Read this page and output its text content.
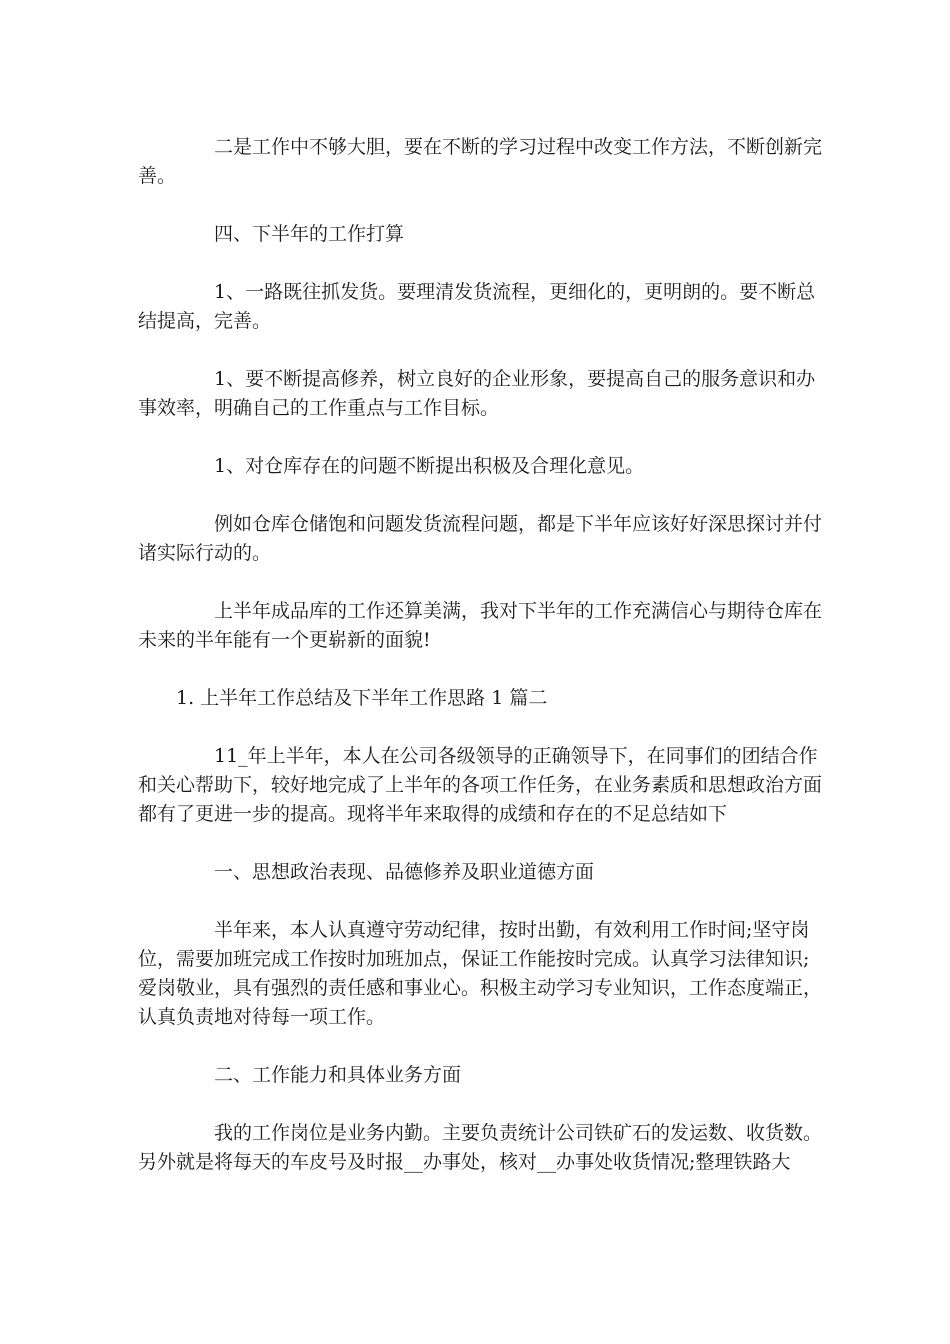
二是工作中不够大胆，要在不断的学习过程中改变工作方法，不断创新完善。

四、下半年的工作打算

1、一路既往抓发货。要理清发货流程，更细化的，更明朗的。要不断总结提高，完善。

1、要不断提高修养，树立良好的企业形象，要提高自己的服务意识和办事效率，明确自己的工作重点与工作目标。

1、对仓库存在的问题不断提出积极及合理化意见。

例如仓库仓储饱和问题发货流程问题，都是下半年应该好好深思探讨并付诸实际行动的。

上半年成品库的工作还算美满，我对下半年的工作充满信心与期待仓库在未来的半年能有一个更崭新的面貌!

1. 上半年工作总结及下半年工作思路 1 篇二

11_年上半年，本人在公司各级领导的正确领导下，在同事们的团结合作和关心帮助下，较好地完成了上半年的各项工作任务，在业务素质和思想政治方面都有了更进一步的提高。现将半年来取得的成绩和存在的不足总结如下

一、思想政治表现、品德修养及职业道德方面

半年来，本人认真遵守劳动纪律，按时出勤，有效利用工作时间;坚守岗位，需要加班完成工作按时加班加点，保证工作能按时完成。认真学习法律知识;爱岗敬业，具有强烈的责任感和事业心。积极主动学习专业知识，工作态度端正，认真负责地对待每一项工作。

二、工作能力和具体业务方面

我的工作岗位是业务内勤。主要负责统计公司铁矿石的发运数、收货数。另外就是将每天的车皮号及时报__办事处，核对__办事处收货情况;整理铁路大
